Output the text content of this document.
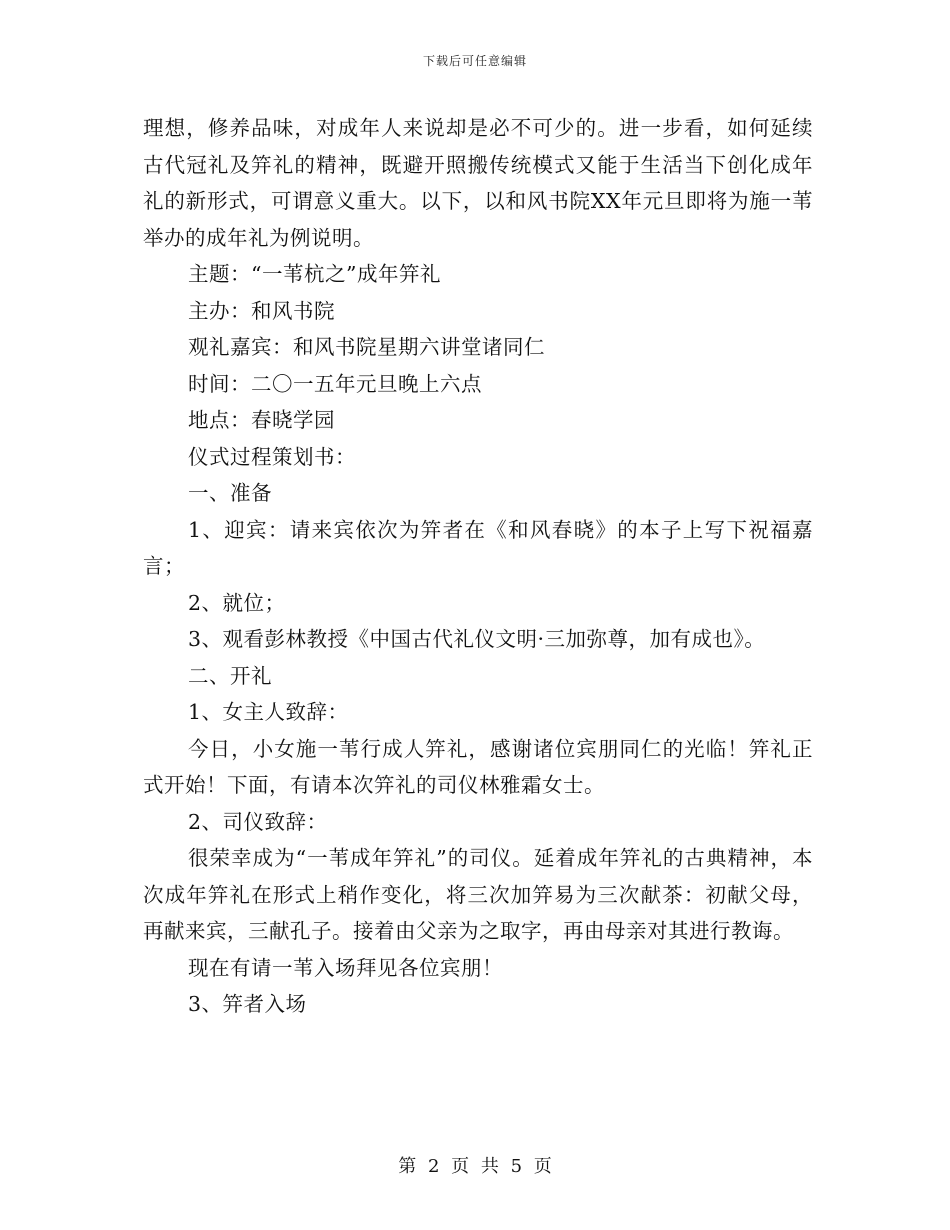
下载后可任意编辑

理想，修养品味，对成年人来说却是必不可少的。进一步看，如何延续古代冠礼及笄礼的精神，既避开照搬传统模式又能于生活当下创化成年礼的新形式，可谓意义重大。以下，以和风书院XX年元旦即将为施一苇举办的成年礼为例说明。

主题：“一苇杭之”成年笄礼

主办：和风书院

观礼嘉宾：和风书院星期六讲堂诸同仁

时间：二〇一五年元旦晚上六点

地点：春晓学园

仪式过程策划书：

一、准备

1、迎宾：请来宾依次为笄者在《和风春晓》的本子上写下祝福嘉言；

2、就位；

3、观看彭林教授《中国古代礼仪文明·三加弥尊，加有成也》。

二、开礼

1、女主人致辞：

今日，小女施一苇行成人笄礼，感谢诸位宾朋同仁的光临！笄礼正式开始！下面，有请本次笄礼的司仪林雅霜女士。

2、司仪致辞：

很荣幸成为“一苇成年笄礼”的司仪。延着成年笄礼的古典精神，本次成年笄礼在形式上稍作变化，将三次加笄易为三次献茶：初献父母，再献来宾，三献孔子。接着由父亲为之取字，再由母亲对其进行教诲。

现在有请一苇入场拜见各位宾朋！

3、笄者入场

第 2 页 共 5 页
